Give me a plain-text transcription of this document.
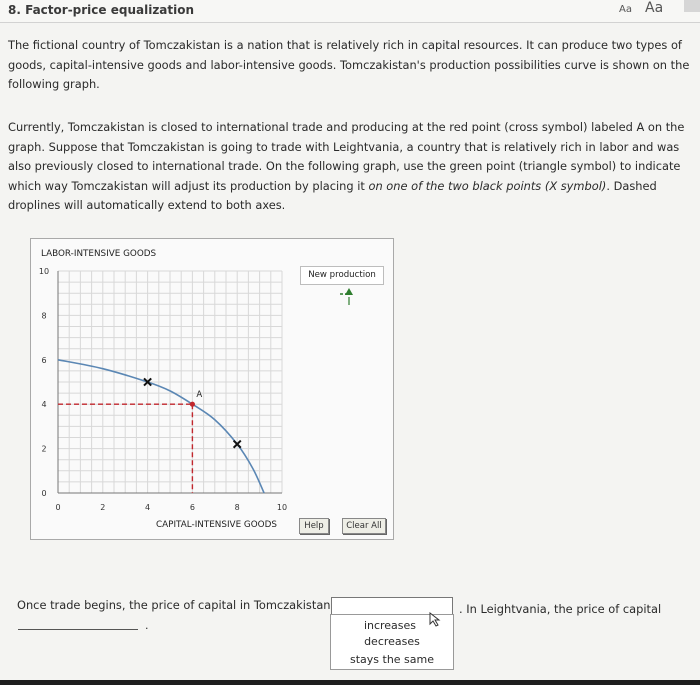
8. Factor-price equalization	Aa Aa

The fictional country of Tomczakistan is a nation that is relatively rich in capital resources. It can produce two types of goods, capital-intensive goods and labor-intensive goods. Tomczakistan's production possibilities curve is shown on the following graph.

Currently, Tomczakistan is closed to international trade and producing at the red point (cross symbol) labeled A on the graph. Suppose that Tomczakistan is going to trade with Leightvania, a country that is relatively rich in labor and was also previously closed to international trade. On the following graph, use the green point (triangle symbol) to indicate which way Tomczakistan will adjust its production by placing it on one of the two black points (X symbol). Dashed droplines will automatically extend to both axes.

LABOR-INTENSIVE GOODS
CAPITAL-INTENSIVE GOODS
0
2
4
6
8
10
0	2	4	6	8	10
A
New production
Help	Clear All
Once trade begins, the price of capital in Tomczakistan
.	increases
decreases
stays the same
. In Leightvania, the price of capital
